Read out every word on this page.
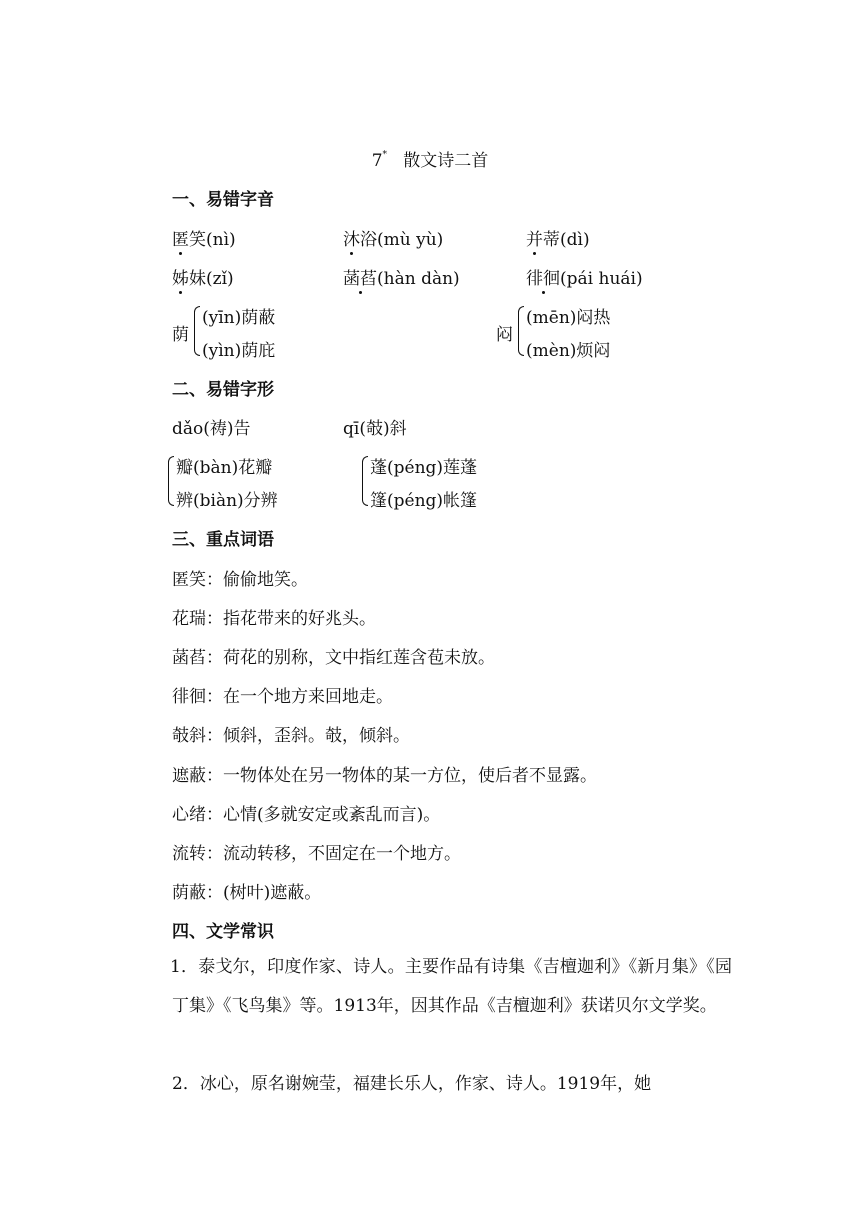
7* 散文诗二首
一、易错字音
匿笑(nì)	沐浴(mù yù)	并蒂(dì)
姊妹(zǐ)	菡萏(hàn dàn)	徘徊(pái huái)
荫
(yīn)荫蔽
(yìn)荫庇
闷
(mēn)闷热
(mèn)烦闷
二、易错字形
dǎo(祷)告	qī(攲)斜
瓣(bàn)花瓣
辨(biàn)分辨
蓬(péng)莲蓬
篷(péng)帐篷
三、重点词语
匿笑：偷偷地笑。
花瑞：指花带来的好兆头。
菡萏：荷花的别称，文中指红莲含苞未放。
徘徊：在一个地方来回地走。
攲斜：倾斜，歪斜。攲，倾斜。
遮蔽：一物体处在另一物体的某一方位，使后者不显露。
心绪：心情(多就安定或紊乱而言)。
流转：流动转移，不固定在一个地方。
荫蔽：(树叶)遮蔽。
四、文学常识
1．泰戈尔，印度作家、诗人。主要作品有诗集《吉檀迦利》《新月集》《园丁集》《飞鸟集》等。1913年，因其作品《吉檀迦利》获诺贝尔文学奖。
2．冰心，原名谢婉莹，福建长乐人，作家、诗人。1919年，她
